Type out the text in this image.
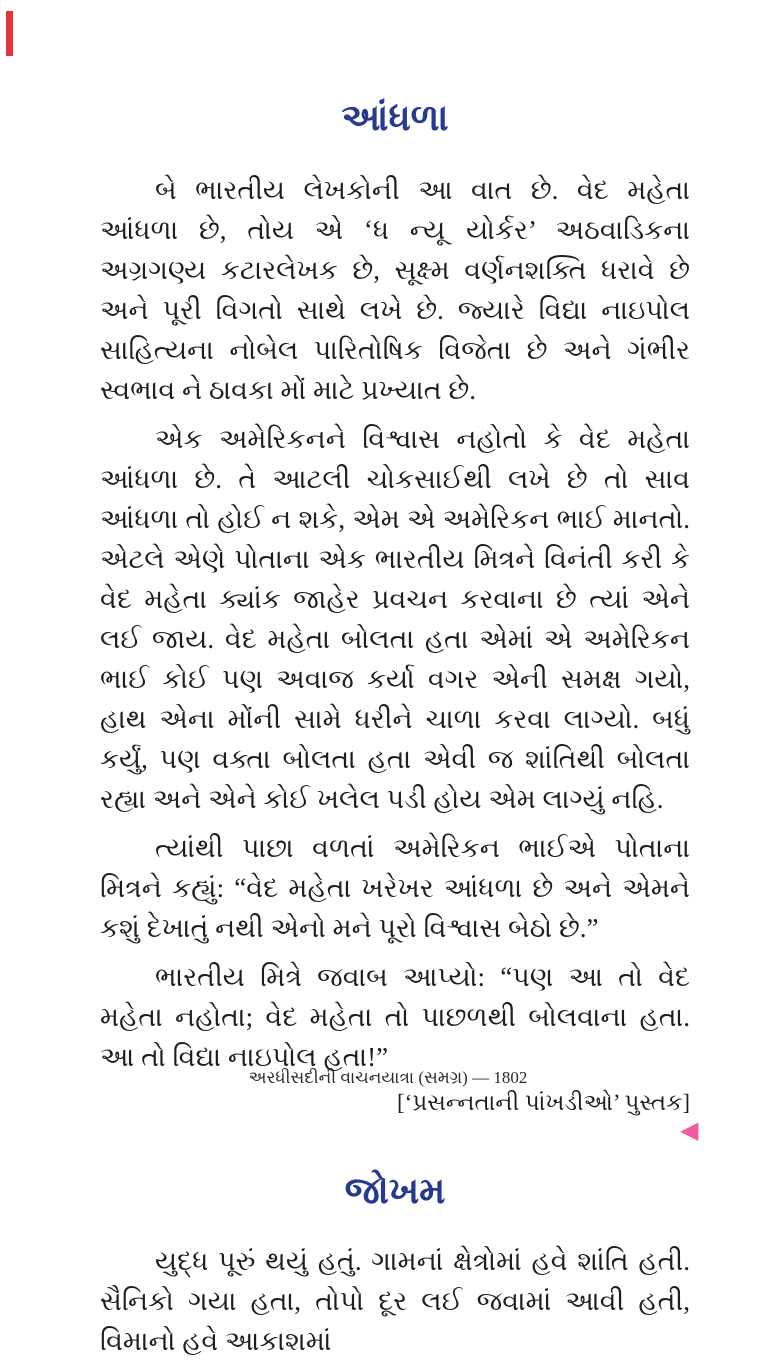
આંધળા

બે ભારતીય લેખકોની આ વાત છે. વેદ મહેતા આંધળા છે, તોય એ ‘ધ ન્યૂ યોર્કર’ અઠવાડિકના અગ્રગણ્ય કટારલેખક છે, સૂક્ષ્મ વર્ણનશક્તિ ધરાવે છે અને પૂરી વિગતો સાથે લખે છે. જ્યારે વિદ્યા નાઇપોલ સાહિત્યના નોબેલ પારિતોષિક વિજેતા છે અને ગંભીર સ્વભાવ ને ઠાવકા મોં માટે પ્રખ્યાત છે.

એક અમેરિકનને વિશ્વાસ નહોતો કે વેદ મહેતા આંધળા છે. તે આટલી ચોકસાઈથી લખે છે તો સાવ આંધળા તો હોઈ ન શકે, એમ એ અમેરિકન ભાઈ માનતો. એટલે એણે પોતાના એક ભારતીય મિત્રને વિનંતી કરી કે વેદ મહેતા ક્યાંક જાહેર પ્રવચન કરવાના છે ત્યાં એને લઈ જાય. વેદ મહેતા બોલતા હતા એમાં એ અમેરિકન ભાઈ કોઈ પણ અવાજ કર્યા વગર એની સમક્ષ ગયો, હાથ એના મોંની સામે ધરીને ચાળા કરવા લાગ્યો. બધું કર્યું, પણ વક્તા બોલતા હતા એવી જ શાંતિથી બોલતા રહ્યા અને એને કોઈ ખલેલ પડી હોય એમ લાગ્યું નહિ.

ત્યાંથી પાછા વળતાં અમેરિકન ભાઈએ પોતાના મિત્રને કહ્યું: “વેદ મહેતા ખરેખર આંધળા છે અને એમને કશું દેખાતું નથી એનો મને પૂરો વિશ્વાસ બેઠો છે.”

ભારતીય મિત્રે જવાબ આપ્યો: “પણ આ તો વેદ મહેતા નહોતા; વેદ મહેતા તો પાછળથી બોલવાના હતા. આ તો વિદ્યા નાઇપોલ હતા!”

[‘પ્રસન્નતાની પાંખડીઓ’ પુસ્તક]
જોખમ

યુદ્ધ પૂરું થયું હતું. ગામનાં ક્ષેત્રોમાં હવે શાંતિ હતી. સૈનિકો ગયા હતા, તોપો દૂર લઈ જવામાં આવી હતી, વિમાનો હવે આકાશમાં

અરધીસદીની વાચનયાત્રા (સમગ્ર) — 1802
◀
